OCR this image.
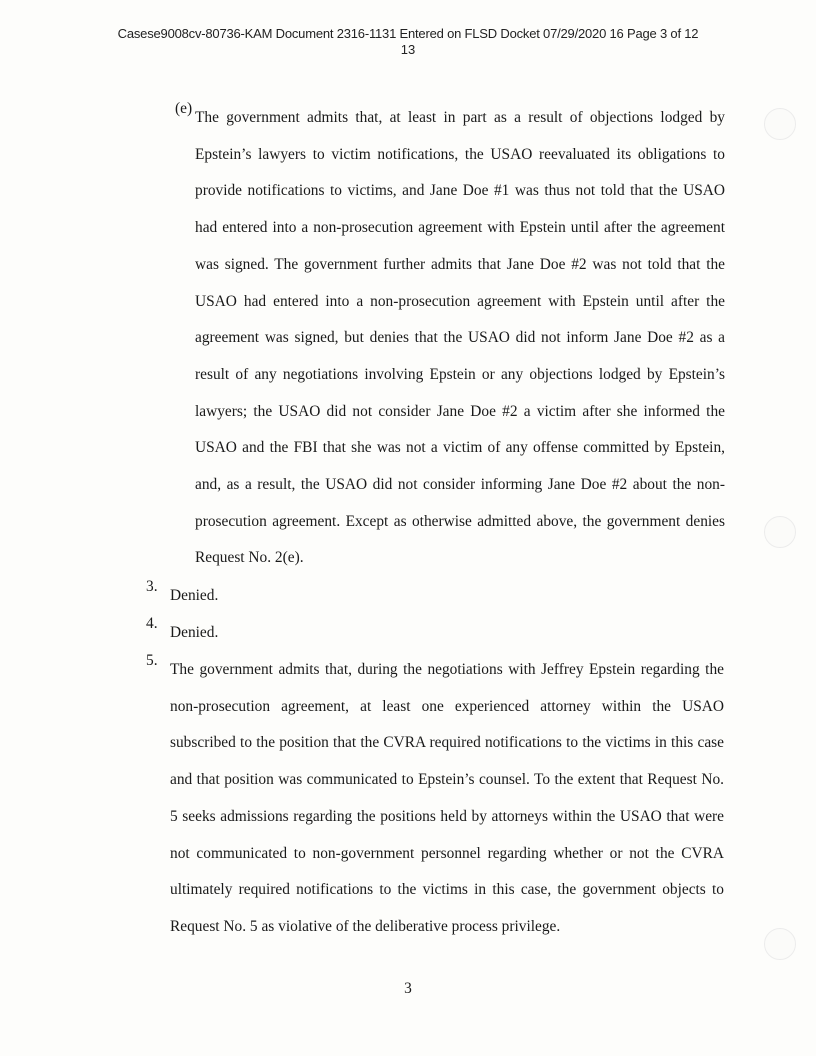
Casese9008cv-80736-KAM Document 2316-1131 Entered on FLSD Docket 07/29/2020 16 Page 3 of 12
13
(e)
The government admits that, at least in part as a result of objections lodged by Epstein’s lawyers to victim notifications, the USAO reevaluated its obligations to provide notifications to victims, and Jane Doe #1 was thus not told that the USAO had entered into a non-prosecution agreement with Epstein until after the agreement was signed. The government further admits that Jane Doe #2 was not told that the USAO had entered into a non-prosecution agreement with Epstein until after the agreement was signed, but denies that the USAO did not inform Jane Doe #2 as a result of any negotiations involving Epstein or any objections lodged by Epstein’s lawyers; the USAO did not consider Jane Doe #2 a victim after she informed the USAO and the FBI that she was not a victim of any offense committed by Epstein, and, as a result, the USAO did not consider informing Jane Doe #2 about the non-prosecution agreement. Except as otherwise admitted above, the government denies Request No. 2(e).
3.
Denied.
4.
Denied.
5.
The government admits that, during the negotiations with Jeffrey Epstein regarding the non-prosecution agreement, at least one experienced attorney within the USAO subscribed to the position that the CVRA required notifications to the victims in this case and that position was communicated to Epstein’s counsel. To the extent that Request No. 5 seeks admissions regarding the positions held by attorneys within the USAO that were not communicated to non-government personnel regarding whether or not the CVRA ultimately required notifications to the victims in this case, the government objects to Request No. 5 as violative of the deliberative process privilege.
3
